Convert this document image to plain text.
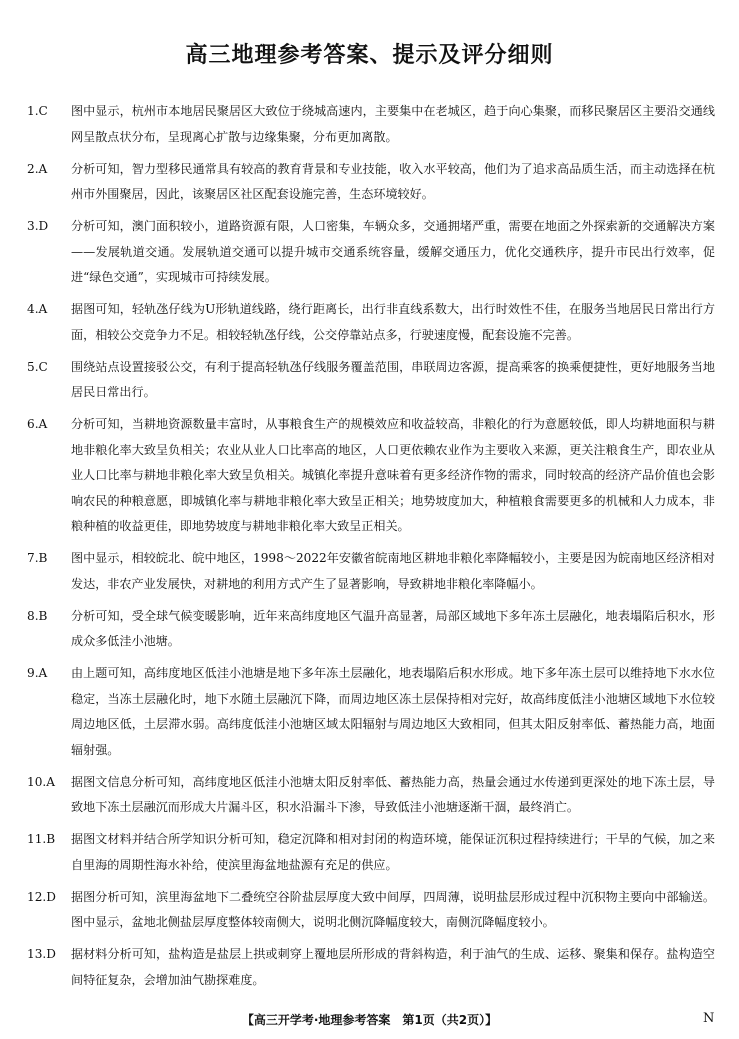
高三地理参考答案、提示及评分细则
1.C	图中显示，杭州市本地居民聚居区大致位于绕城高速内，主要集中在老城区，趋于向心集聚，而移民聚居区主要沿交通线网呈散点状分布，呈现离心扩散与边缘集聚，分布更加离散。
2.A	分析可知，智力型移民通常具有较高的教育背景和专业技能，收入水平较高，他们为了追求高品质生活，而主动选择在杭州市外围聚居，因此，该聚居区社区配套设施完善，生态环境较好。
3.D	分析可知，澳门面积较小，道路资源有限，人口密集，车辆众多，交通拥堵严重，需要在地面之外探索新的交通解决方案——发展轨道交通。发展轨道交通可以提升城市交通系统容量，缓解交通压力，优化交通秩序，提升市民出行效率，促进“绿色交通”，实现城市可持续发展。
4.A	据图可知，轻轨氹仔线为U形轨道线路，绕行距离长，出行非直线系数大，出行时效性不佳，在服务当地居民日常出行方面，相较公交竞争力不足。相较轻轨氹仔线，公交停靠站点多，行驶速度慢，配套设施不完善。
5.C	围绕站点设置接驳公交，有利于提高轻轨氹仔线服务覆盖范围，串联周边客源，提高乘客的换乘便捷性，更好地服务当地居民日常出行。
6.A	分析可知，当耕地资源数量丰富时，从事粮食生产的规模效应和收益较高，非粮化的行为意愿较低，即人均耕地面积与耕地非粮化率大致呈负相关；农业从业人口比率高的地区，人口更依赖农业作为主要收入来源，更关注粮食生产，即农业从业人口比率与耕地非粮化率大致呈负相关。城镇化率提升意味着有更多经济作物的需求，同时较高的经济产品价值也会影响农民的种粮意愿，即城镇化率与耕地非粮化率大致呈正相关；地势坡度加大，种植粮食需要更多的机械和人力成本，非粮种植的收益更佳，即地势坡度与耕地非粮化率大致呈正相关。
7.B	图中显示，相较皖北、皖中地区，1998～2022年安徽省皖南地区耕地非粮化率降幅较小，主要是因为皖南地区经济相对发达，非农产业发展快，对耕地的利用方式产生了显著影响，导致耕地非粮化率降幅小。
8.B	分析可知，受全球气候变暖影响，近年来高纬度地区气温升高显著，局部区域地下多年冻土层融化，地表塌陷后积水，形成众多低洼小池塘。
9.A	由上题可知，高纬度地区低洼小池塘是地下多年冻土层融化，地表塌陷后积水形成。地下多年冻土层可以维持地下水水位稳定，当冻土层融化时，地下水随土层融沉下降，而周边地区冻土层保持相对完好，故高纬度低洼小池塘区域地下水位较周边地区低，土层滞水弱。高纬度低洼小池塘区域太阳辐射与周边地区大致相同，但其太阳反射率低、蓄热能力高，地面辐射强。
10.A	据图文信息分析可知，高纬度地区低洼小池塘太阳反射率低、蓄热能力高，热量会通过水传递到更深处的地下冻土层，导致地下冻土层融沉而形成大片漏斗区，积水沿漏斗下渗，导致低洼小池塘逐渐干涸，最终消亡。
11.B	据图文材料并结合所学知识分析可知，稳定沉降和相对封闭的构造环境，能保证沉积过程持续进行；干旱的气候，加之来自里海的周期性海水补给，使滨里海盆地盐源有充足的供应。
12.D	据图分析可知，滨里海盆地下二叠统空谷阶盐层厚度大致中间厚，四周薄，说明盐层形成过程中沉积物主要向中部输送。图中显示，盆地北侧盐层厚度整体较南侧大，说明北侧沉降幅度较大，南侧沉降幅度较小。
13.D	据材料分析可知，盐构造是盐层上拱或刺穿上覆地层所形成的背斜构造，利于油气的生成、运移、聚集和保存。盐构造空间特征复杂，会增加油气勘探难度。
【高三开学考·地理参考答案　第1页（共2页）】	N
